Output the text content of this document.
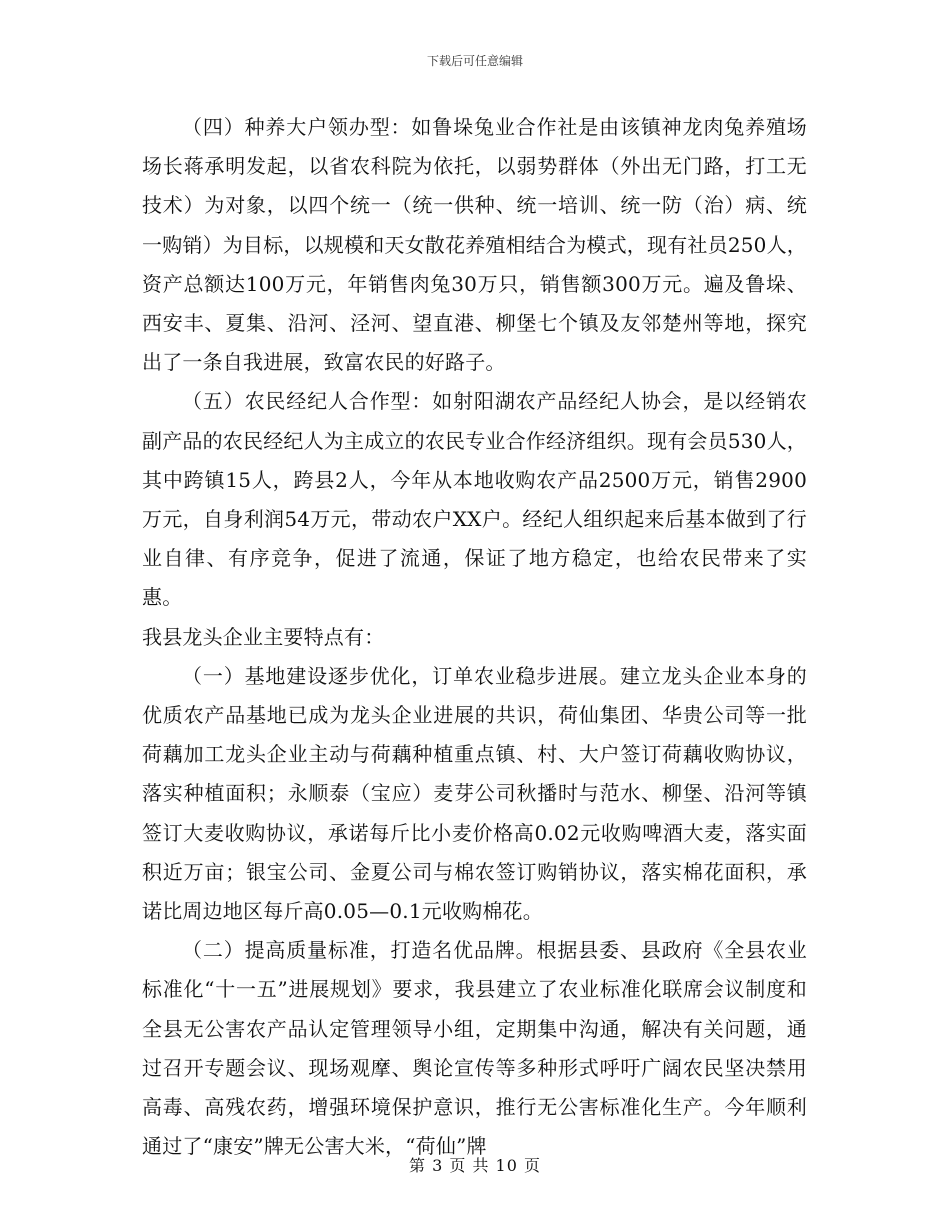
下载后可任意编辑

（四）种养大户领办型：如鲁垛兔业合作社是由该镇神龙肉兔养殖场场长蒋承明发起，以省农科院为依托，以弱势群体（外出无门路，打工无技术）为对象，以四个统一（统一供种、统一培训、统一防（治）病、统一购销）为目标，以规模和天女散花养殖相结合为模式，现有社员250人，资产总额达100万元，年销售肉兔30万只，销售额300万元。遍及鲁垛、西安丰、夏集、沿河、泾河、望直港、柳堡七个镇及友邻楚州等地，探究出了一条自我进展，致富农民的好路子。

（五）农民经纪人合作型：如射阳湖农产品经纪人协会，是以经销农副产品的农民经纪人为主成立的农民专业合作经济组织。现有会员530人，其中跨镇15人，跨县2人，今年从本地收购农产品2500万元，销售2900万元，自身利润54万元，带动农户XX户。经纪人组织起来后基本做到了行业自律、有序竞争，促进了流通，保证了地方稳定，也给农民带来了实惠。

我县龙头企业主要特点有：

（一）基地建设逐步优化，订单农业稳步进展。建立龙头企业本身的优质农产品基地已成为龙头企业进展的共识，荷仙集团、华贵公司等一批荷藕加工龙头企业主动与荷藕种植重点镇、村、大户签订荷藕收购协议，落实种植面积；永顺泰（宝应）麦芽公司秋播时与范水、柳堡、沿河等镇签订大麦收购协议，承诺每斤比小麦价格高0.02元收购啤酒大麦，落实面积近万亩；银宝公司、金夏公司与棉农签订购销协议，落实棉花面积，承诺比周边地区每斤高0.05—0.1元收购棉花。

（二）提高质量标准，打造名优品牌。根据县委、县政府《全县农业标准化“十一五”进展规划》要求，我县建立了农业标准化联席会议制度和全县无公害农产品认定管理领导小组，定期集中沟通，解决有关问题，通过召开专题会议、现场观摩、舆论宣传等多种形式呼吁广阔农民坚决禁用高毒、高残农药，增强环境保护意识，推行无公害标准化生产。今年顺利通过了“康安”牌无公害大米，“荷仙”牌

第 3 页 共 10 页
